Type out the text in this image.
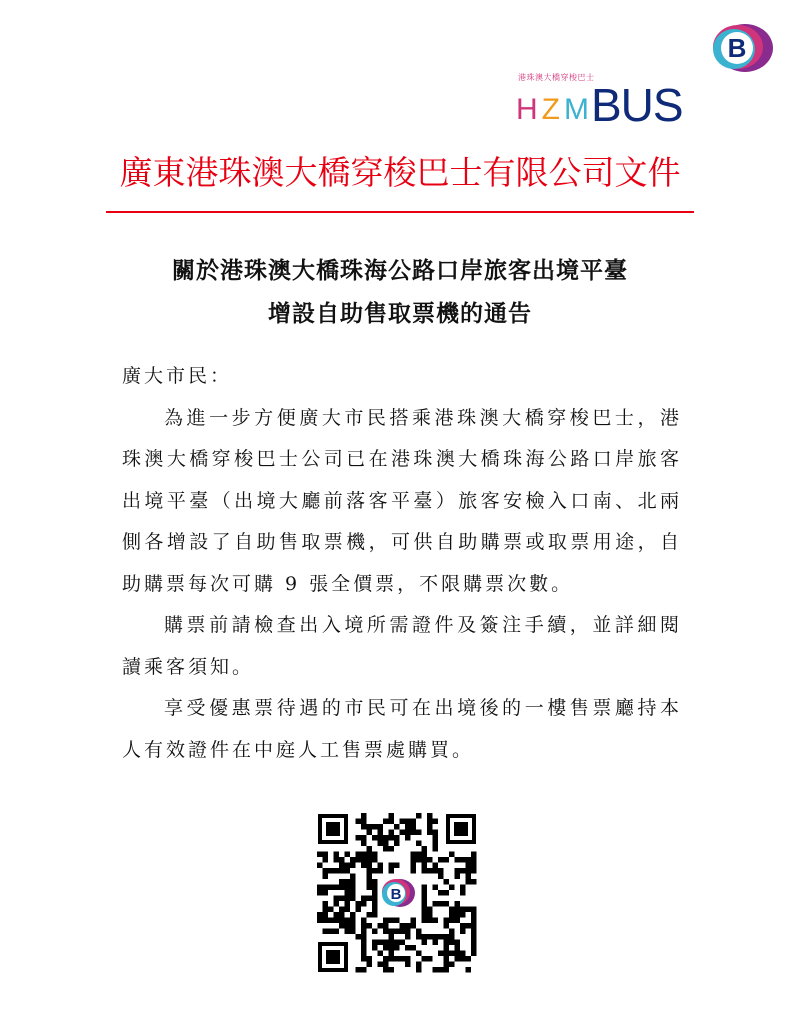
B
港珠澳大橋穿梭巴士
HZMBUS
廣東港珠澳大橋穿梭巴士有限公司文件
關於港珠澳大橋珠海公路口岸旅客出境平臺
增設自助售取票機的通告

廣大市民：

為進一步方便廣大市民搭乘港珠澳大橋穿梭巴士，港珠澳大橋穿梭巴士公司已在港珠澳大橋珠海公路口岸旅客出境平臺（出境大廳前落客平臺）旅客安檢入口南、北兩側各增設了自助售取票機，可供自助購票或取票用途，自助購票每次可購 9 張全價票，不限購票次數。

購票前請檢查出入境所需證件及簽注手續，並詳細閱讀乘客須知。

享受優惠票待遇的市民可在出境後的一樓售票廳持本人有效證件在中庭人工售票處購買。

B
